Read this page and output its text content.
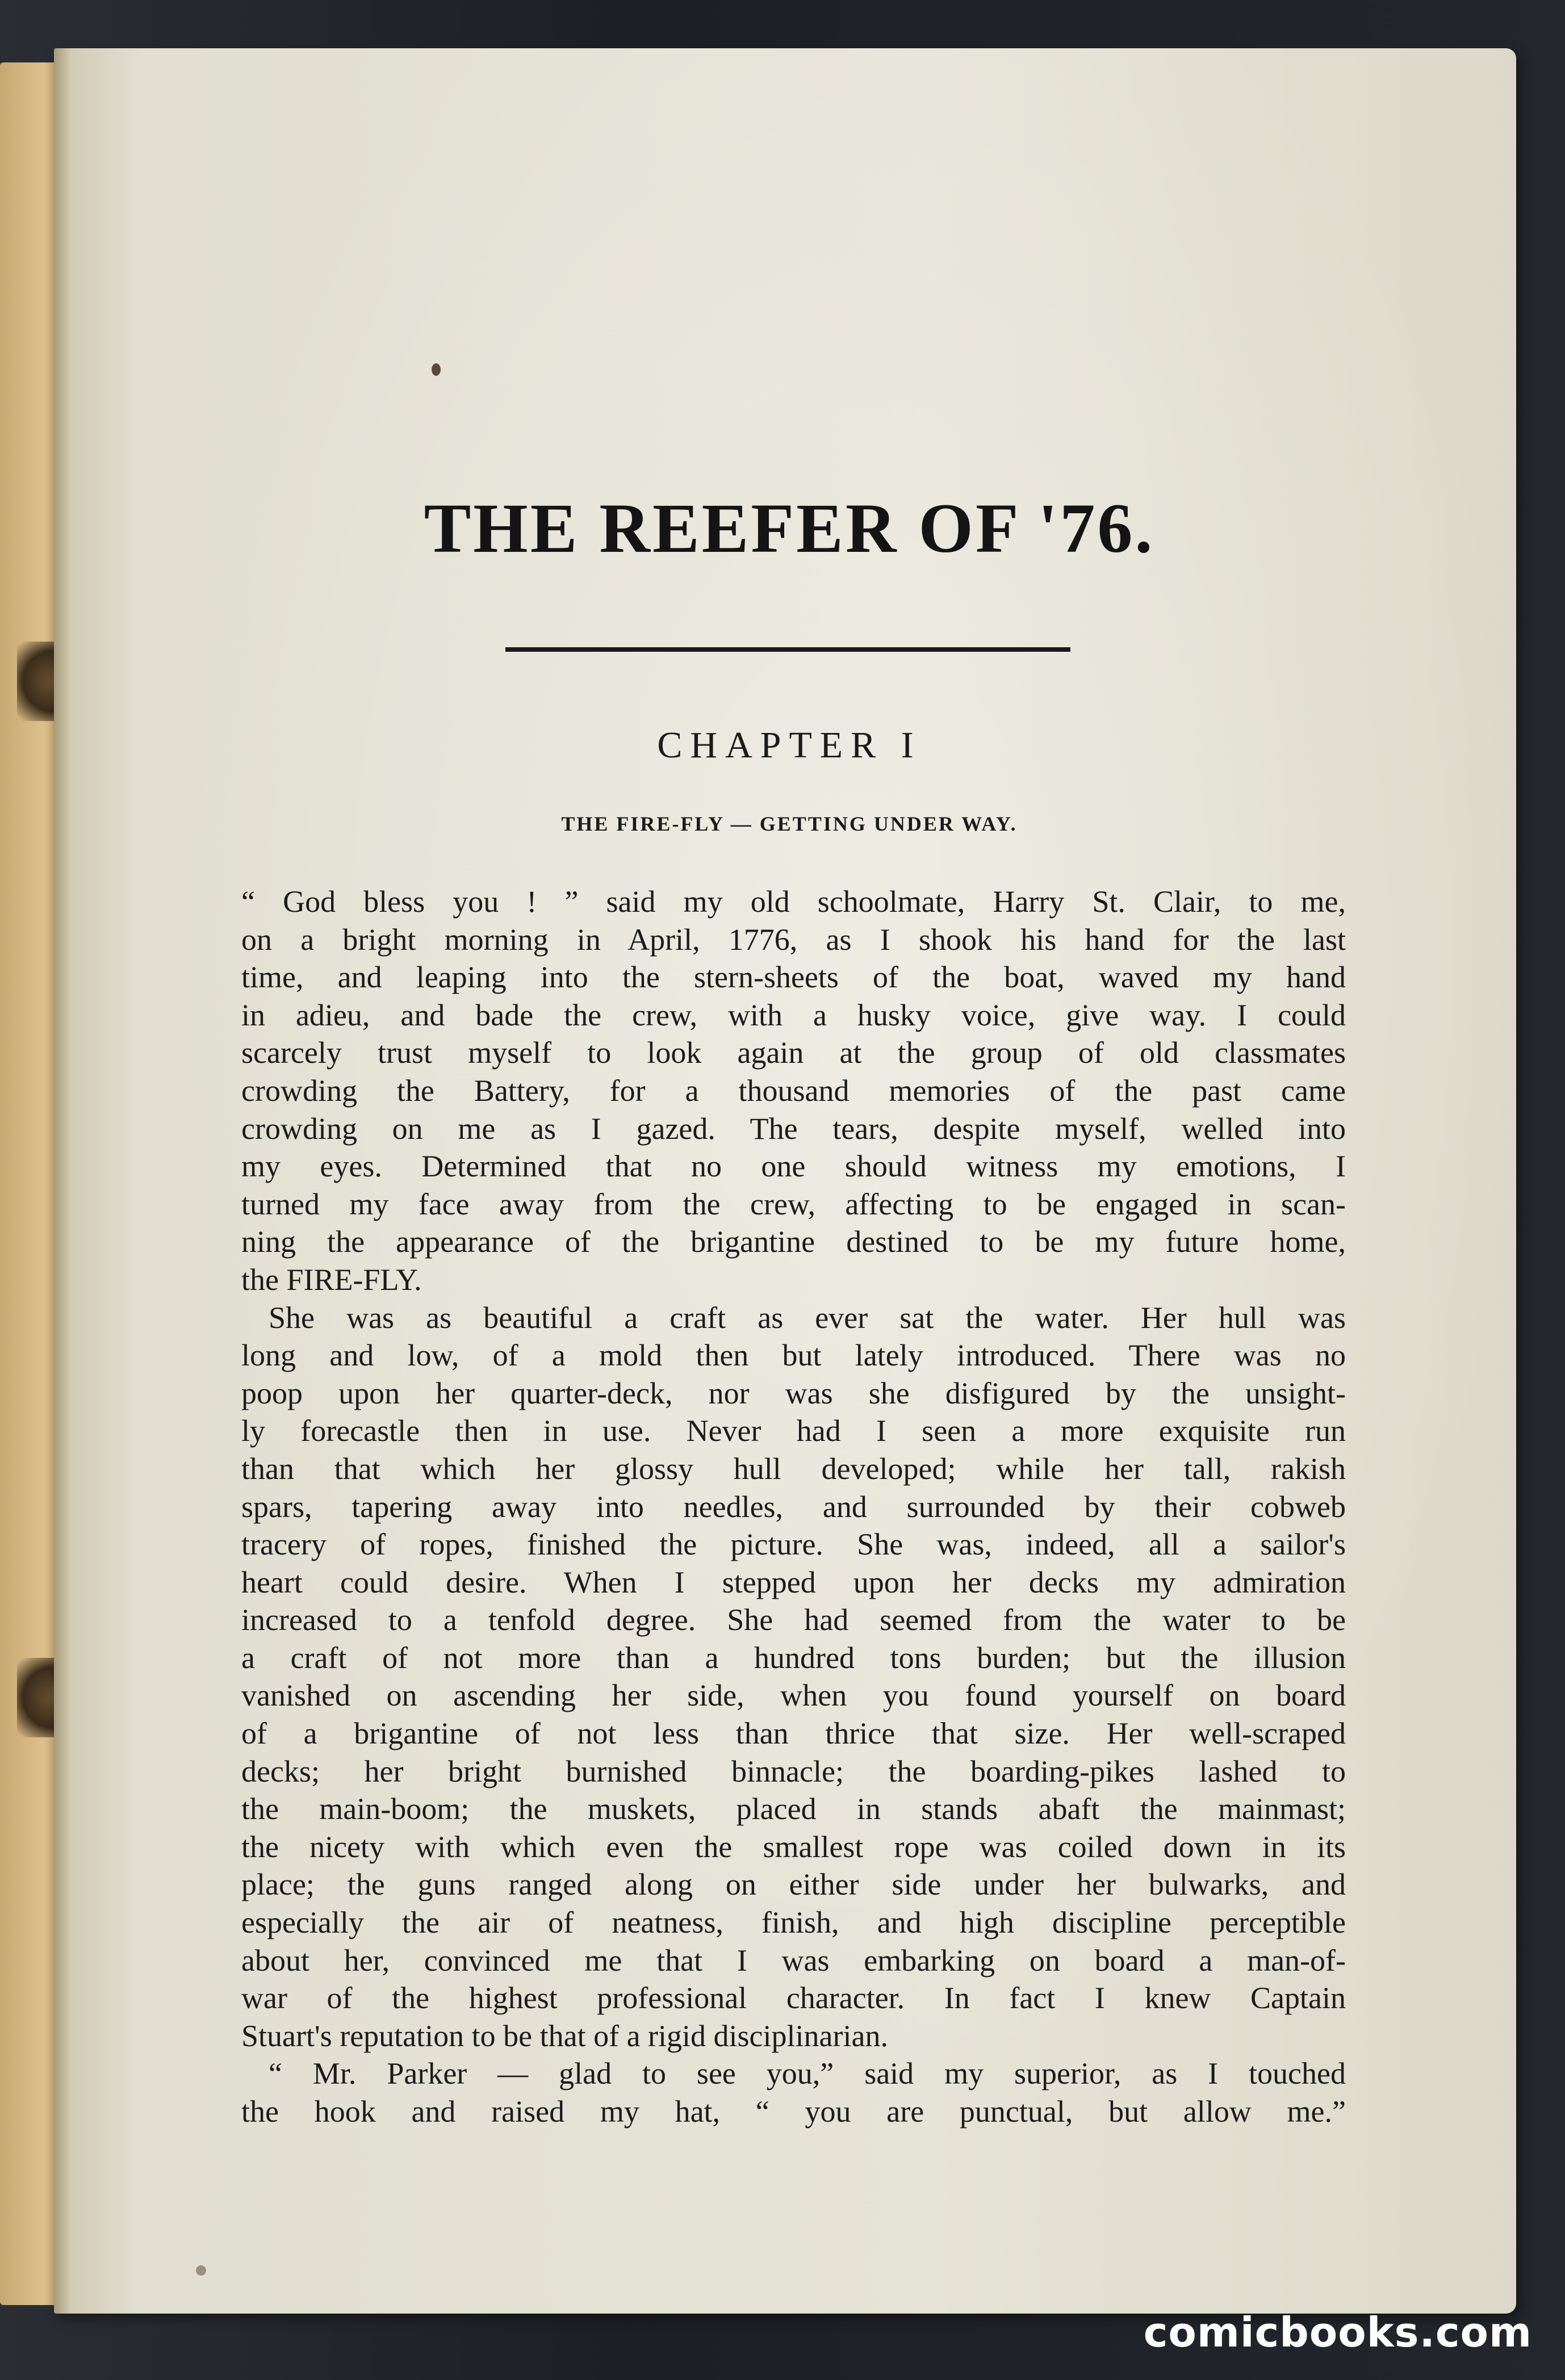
THE REEFER OF '76.
CHAPTER I
THE FIRE-FLY — GETTING UNDER WAY.
“ God bless you ! ” said my old schoolmate, Harry St. Clair, to me,
on a bright morning in April, 1776, as I shook his hand for the last
time, and leaping into the stern-sheets of the boat, waved my hand
in adieu, and bade the crew, with a husky voice, give way. I could
scarcely trust myself to look again at the group of old classmates
crowding the Battery, for a thousand memories of the past came
crowding on me as I gazed. The tears, despite myself, welled into
my eyes. Determined that no one should witness my emotions, I
turned my face away from the crew, affecting to be engaged in scan-
ning the appearance of the brigantine destined to be my future home,
the FIRE-FLY.
She was as beautiful a craft as ever sat the water. Her hull was
long and low, of a mold then but lately introduced. There was no
poop upon her quarter-deck, nor was she disfigured by the unsight-
ly forecastle then in use. Never had I seen a more exquisite run
than that which her glossy hull developed; while her tall, rakish
spars, tapering away into needles, and surrounded by their cobweb
tracery of ropes, finished the picture. She was, indeed, all a sailor's
heart could desire. When I stepped upon her decks my admiration
increased to a tenfold degree. She had seemed from the water to be
a craft of not more than a hundred tons burden; but the illusion
vanished on ascending her side, when you found yourself on board
of a brigantine of not less than thrice that size. Her well-scraped
decks; her bright burnished binnacle; the boarding-pikes lashed to
the main-boom; the muskets, placed in stands abaft the mainmast;
the nicety with which even the smallest rope was coiled down in its
place; the guns ranged along on either side under her bulwarks, and
especially the air of neatness, finish, and high discipline perceptible
about her, convinced me that I was embarking on board a man-of-
war of the highest professional character. In fact I knew Captain
Stuart's reputation to be that of a rigid disciplinarian.
“ Mr. Parker — glad to see you,” said my superior, as I touched
the hook and raised my hat, “ you are punctual, but allow me.”
comicbooks.com
